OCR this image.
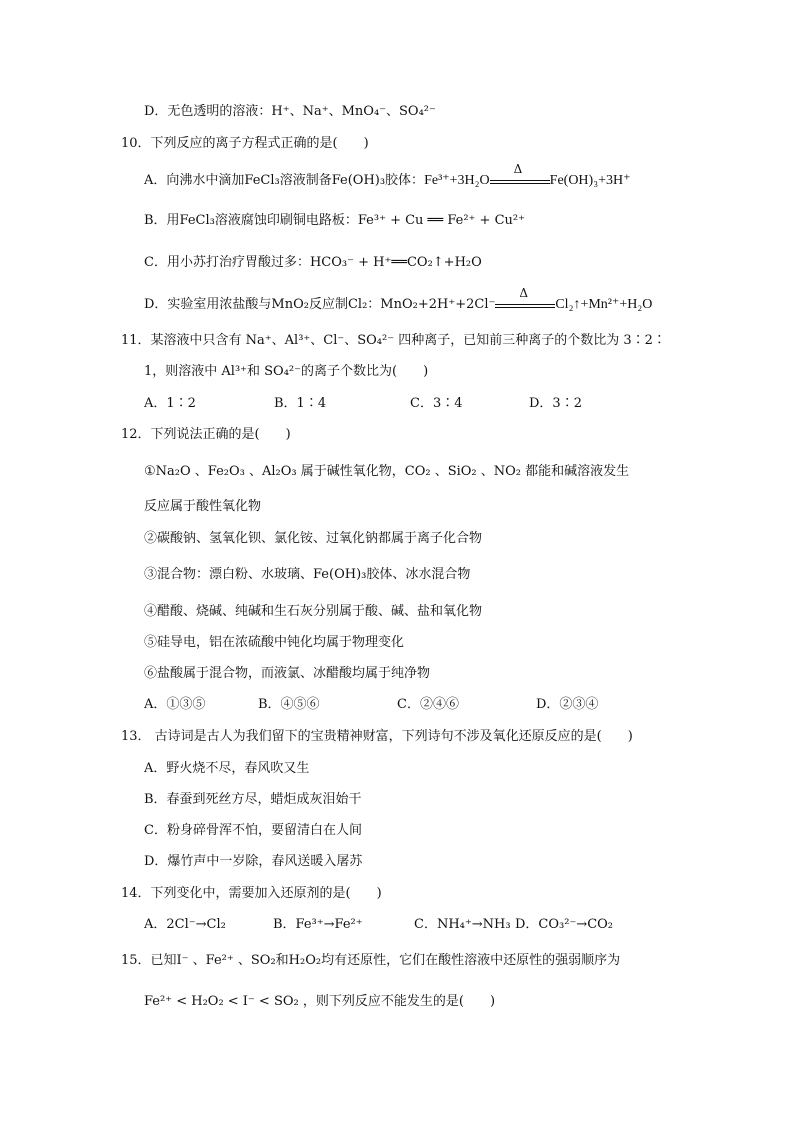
D．无色透明的溶液：H⁺、Na⁺、MnO₄⁻、SO₄²⁻
10．下列反应的离子方程式正确的是(　　)
A．向沸水中滴加FeCl₃溶液制备Fe(OH)₃胶体：Fe³⁺+3H₂O
Δ
Fe(OH)₃+3H⁺
B．用FeCl₃溶液腐蚀印刷铜电路板：Fe³⁺ + Cu ══ Fe²⁺ + Cu²⁺
C．用小苏打治疗胃酸过多：HCO₃⁻ + H⁺══CO₂↑+H₂O
D．实验室用浓盐酸与MnO₂反应制Cl₂：MnO₂+2H⁺+2Cl⁻
Δ
Cl₂↑+Mn²⁺+H₂O
11．某溶液中只含有 Na⁺、Al³⁺、Cl⁻、SO₄²⁻ 四种离子，已知前三种离子的个数比为 3∶2∶
1，则溶液中 Al³⁺和 SO₄²⁻的离子个数比为(　　)
A．1∶2	B．1∶4	C．3∶4	D．3∶2
12．下列说法正确的是(　　)
①Na₂O 、Fe₂O₃ 、Al₂O₃ 属于碱性氧化物，CO₂ 、SiO₂ 、NO₂ 都能和碱溶液发生
反应属于酸性氧化物
②碳酸钠、氢氧化钡、氯化铵、过氧化钠都属于离子化合物
③混合物：漂白粉、水玻璃、Fe(OH)₃胶体、冰水混合物
④醋酸、烧碱、纯碱和生石灰分别属于酸、碱、盐和氧化物
⑤硅导电，铝在浓硫酸中钝化均属于物理变化
⑥盐酸属于混合物，而液氯、冰醋酸均属于纯净物
A．①③⑤	B．④⑤⑥	C．②④⑥	D．②③④
13． 古诗词是古人为我们留下的宝贵精神财富，下列诗句不涉及氧化还原反应的是(　　)
A．野火烧不尽，春风吹又生
B．春蚕到死丝方尽，蜡炬成灰泪始干
C．粉身碎骨浑不怕，要留清白在人间
D．爆竹声中一岁除，春风送暖入屠苏
14．下列变化中，需要加入还原剂的是(　　)
A．2Cl⁻→Cl₂	B．Fe³⁺→Fe²⁺	C．NH₄⁺→NH₃ D．CO₃²⁻→CO₂
15．已知I⁻ 、Fe²⁺ 、SO₂和H₂O₂均有还原性，它们在酸性溶液中还原性的强弱顺序为
Fe²⁺ < H₂O₂ < I⁻ < SO₂ ，则下列反应不能发生的是(　　)
